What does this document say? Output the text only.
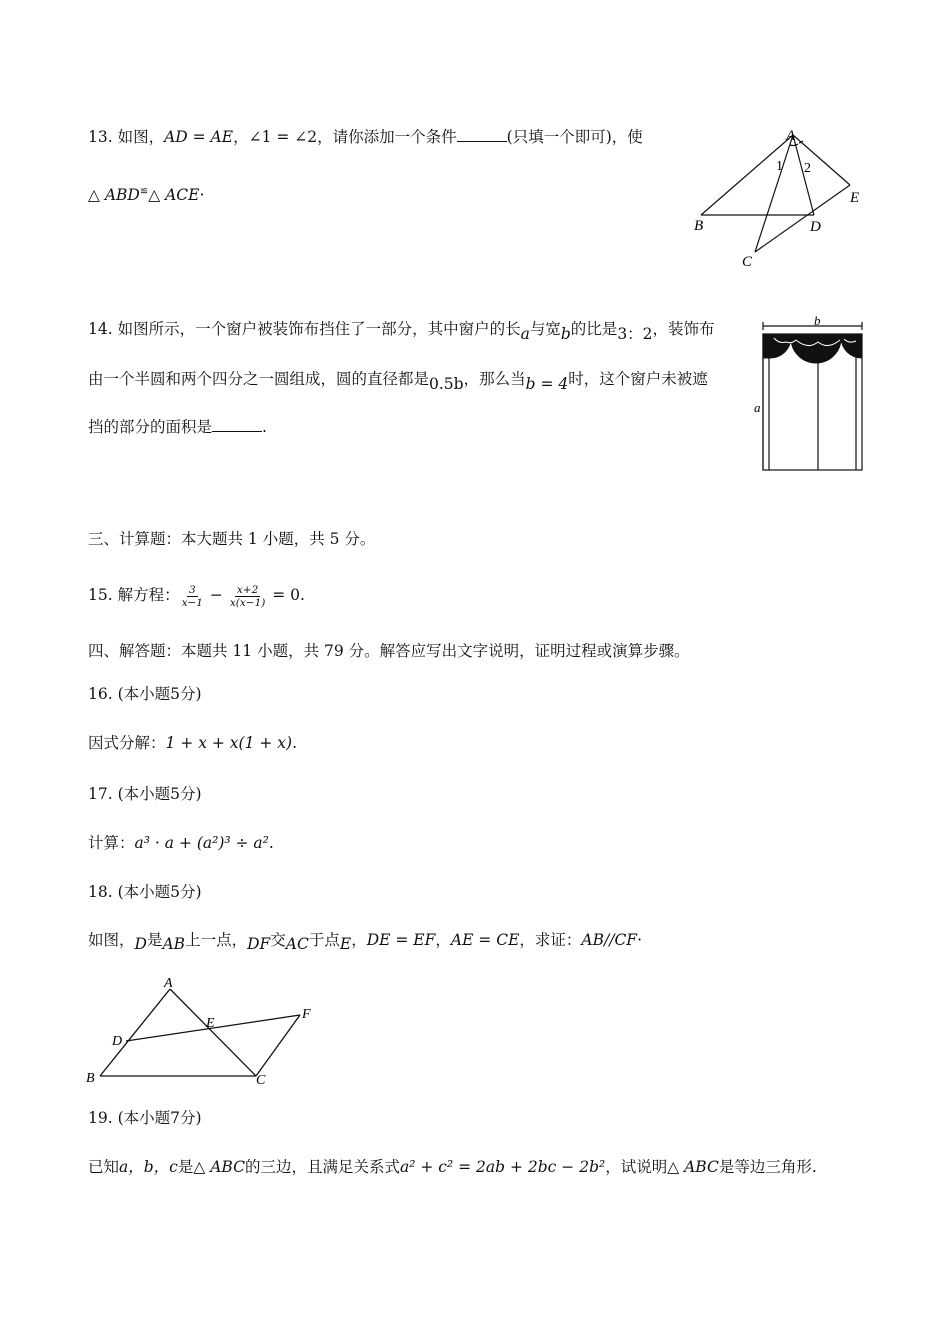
13. 如图，AD = AE，∠1 = ∠2，请你添加一个条件	(只填一个即可)，使
△ ABD≌△ ACE·
A
B
C
D
E
1 2
14. 如图所示，一个窗户被装饰布挡住了一部分，其中窗户的长a与宽b的比是3：2，装饰布
由一个半圆和两个四分之一圆组成，圆的直径都是0.5b，那么当b = 4时，这个窗户未被遮
挡的部分的面积是	.
b
a
三、计算题：本大题共 1 小题，共 5 分。
15. 解方程： $\frac{3}{x-1} - \frac{x+2}{x(x-1)} = 0$.
四、解答题：本题共 11 小题，共 79 分。解答应写出文字说明，证明过程或演算步骤。
16. (本小题5分)
因式分解：1 + x + x(1 + x).
17. (本小题5分)
计算：a³ · a + (a²)³ ÷ a².
18. (本小题5分)
如图，D是AB上一点，DF交AC于点E，DE = EF，AE = CE，求证：AB//CF·
A
B	C
D
E
F
19. (本小题7分)
已知a，b，c是△ ABC的三边，且满足关系式a² + c² = 2ab + 2bc − 2b²，试说明△ ABC是等边三角形.
